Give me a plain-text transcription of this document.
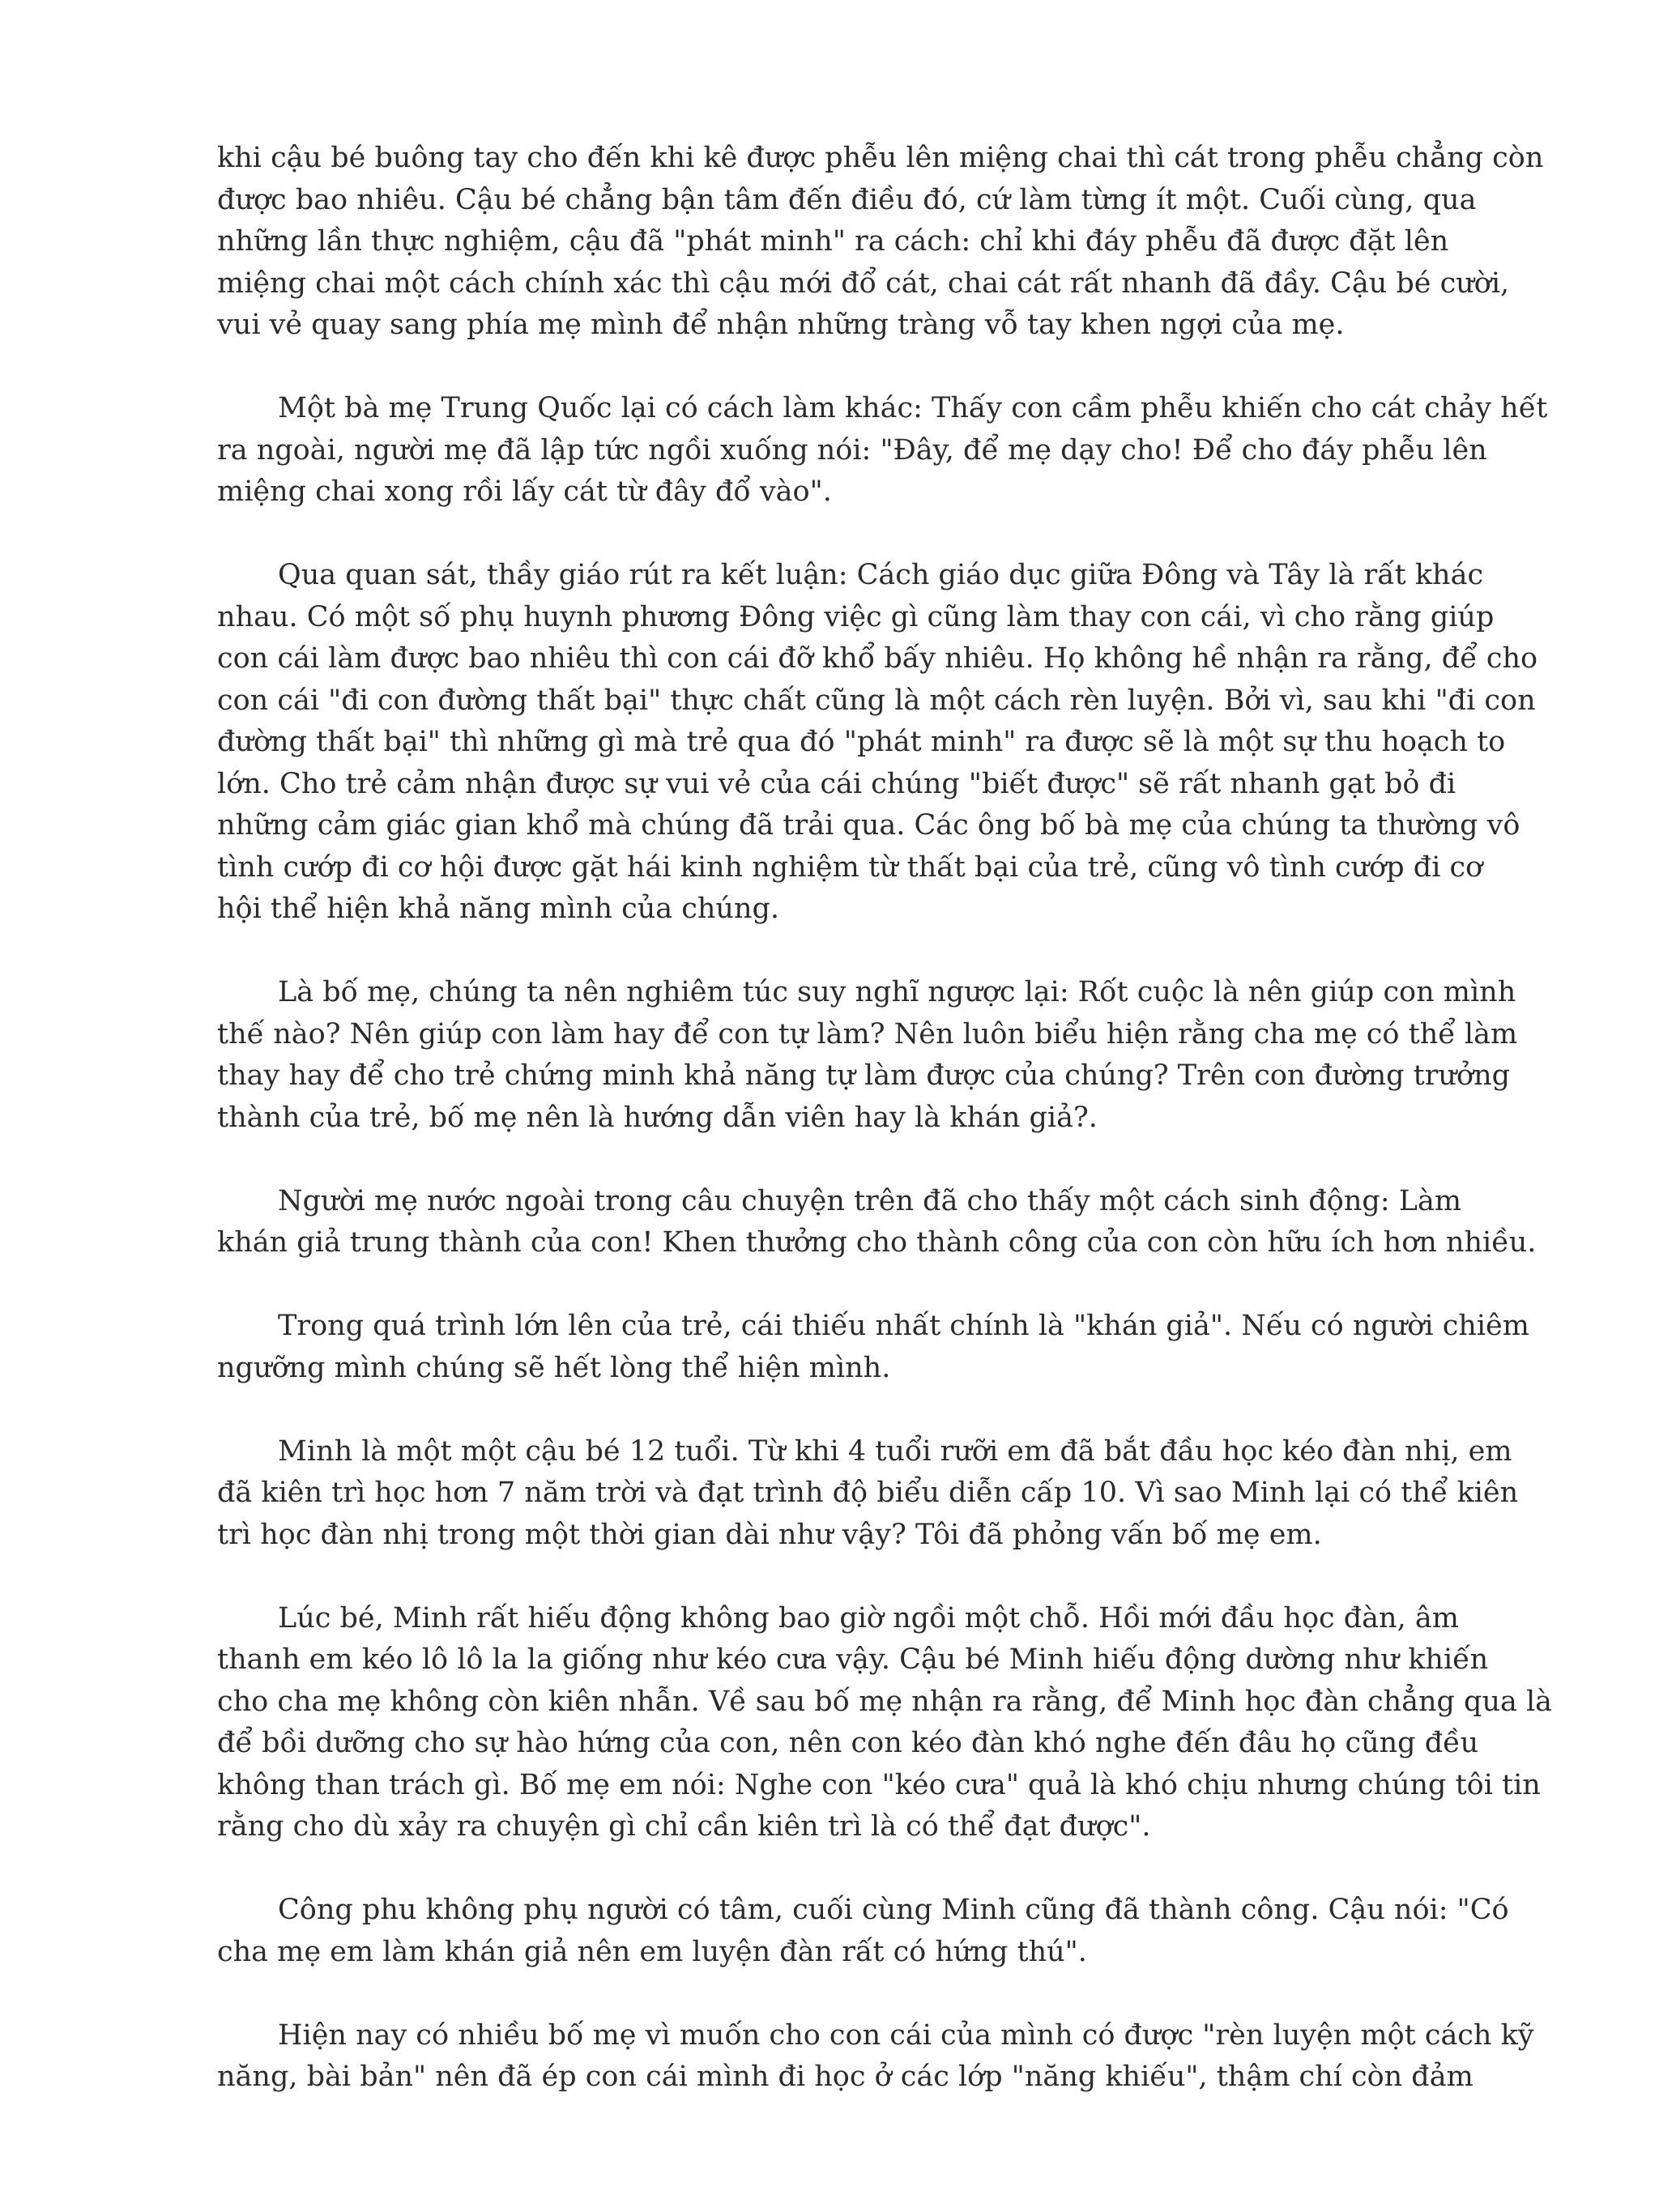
khi cậu bé buông tay cho đến khi kê được phễu lên miệng chai thì cát trong phễu chẳng còn
được bao nhiêu. Cậu bé chẳng bận tâm đến điều đó, cứ làm từng ít một. Cuối cùng, qua
những lần thực nghiệm, cậu đã "phát minh" ra cách: chỉ khi đáy phễu đã được đặt lên
miệng chai một cách chính xác thì cậu mới đổ cát, chai cát rất nhanh đã đầy. Cậu bé cười,
vui vẻ quay sang phía mẹ mình để nhận những tràng vỗ tay khen ngợi của mẹ.
Một bà mẹ Trung Quốc lại có cách làm khác: Thấy con cầm phễu khiến cho cát chảy hết
ra ngoài, người mẹ đã lập tức ngồi xuống nói: "Đây, để mẹ dạy cho! Để cho đáy phễu lên
miệng chai xong rồi lấy cát từ đây đổ vào".
Qua quan sát, thầy giáo rút ra kết luận: Cách giáo dục giữa Đông và Tây là rất khác
nhau. Có một số phụ huynh phương Đông việc gì cũng làm thay con cái, vì cho rằng giúp
con cái làm được bao nhiêu thì con cái đỡ khổ bấy nhiêu. Họ không hề nhận ra rằng, để cho
con cái "đi con đường thất bại" thực chất cũng là một cách rèn luyện. Bởi vì, sau khi "đi con
đường thất bại" thì những gì mà trẻ qua đó "phát minh" ra được sẽ là một sự thu hoạch to
lớn. Cho trẻ cảm nhận được sự vui vẻ của cái chúng "biết được" sẽ rất nhanh gạt bỏ đi
những cảm giác gian khổ mà chúng đã trải qua. Các ông bố bà mẹ của chúng ta thường vô
tình cướp đi cơ hội được gặt hái kinh nghiệm từ thất bại của trẻ, cũng vô tình cướp đi cơ
hội thể hiện khả năng mình của chúng.
Là bố mẹ, chúng ta nên nghiêm túc suy nghĩ ngược lại: Rốt cuộc là nên giúp con mình
thế nào? Nên giúp con làm hay để con tự làm? Nên luôn biểu hiện rằng cha mẹ có thể làm
thay hay để cho trẻ chứng minh khả năng tự làm được của chúng? Trên con đường trưởng
thành của trẻ, bố mẹ nên là hướng dẫn viên hay là khán giả?.
Người mẹ nước ngoài trong câu chuyện trên đã cho thấy một cách sinh động: Làm
khán giả trung thành của con! Khen thưởng cho thành công của con còn hữu ích hơn nhiều.
Trong quá trình lớn lên của trẻ, cái thiếu nhất chính là "khán giả". Nếu có người chiêm
ngưỡng mình chúng sẽ hết lòng thể hiện mình.
Minh là một một cậu bé 12 tuổi. Từ khi 4 tuổi rưỡi em đã bắt đầu học kéo đàn nhị, em
đã kiên trì học hơn 7 năm trời và đạt trình độ biểu diễn cấp 10. Vì sao Minh lại có thể kiên
trì học đàn nhị trong một thời gian dài như vậy? Tôi đã phỏng vấn bố mẹ em.
Lúc bé, Minh rất hiếu động không bao giờ ngồi một chỗ. Hồi mới đầu học đàn, âm
thanh em kéo lô lô la la giống như kéo cưa vậy. Cậu bé Minh hiếu động dường như khiến
cho cha mẹ không còn kiên nhẫn. Về sau bố mẹ nhận ra rằng, để Minh học đàn chẳng qua là
để bồi dưỡng cho sự hào hứng của con, nên con kéo đàn khó nghe đến đâu họ cũng đều
không than trách gì. Bố mẹ em nói: Nghe con "kéo cưa" quả là khó chịu nhưng chúng tôi tin
rằng cho dù xảy ra chuyện gì chỉ cần kiên trì là có thể đạt được".
Công phu không phụ người có tâm, cuối cùng Minh cũng đã thành công. Cậu nói: "Có
cha mẹ em làm khán giả nên em luyện đàn rất có hứng thú".
Hiện nay có nhiều bố mẹ vì muốn cho con cái của mình có được "rèn luyện một cách kỹ
năng, bài bản" nên đã ép con cái mình đi học ở các lớp "năng khiếu", thậm chí còn đảm
